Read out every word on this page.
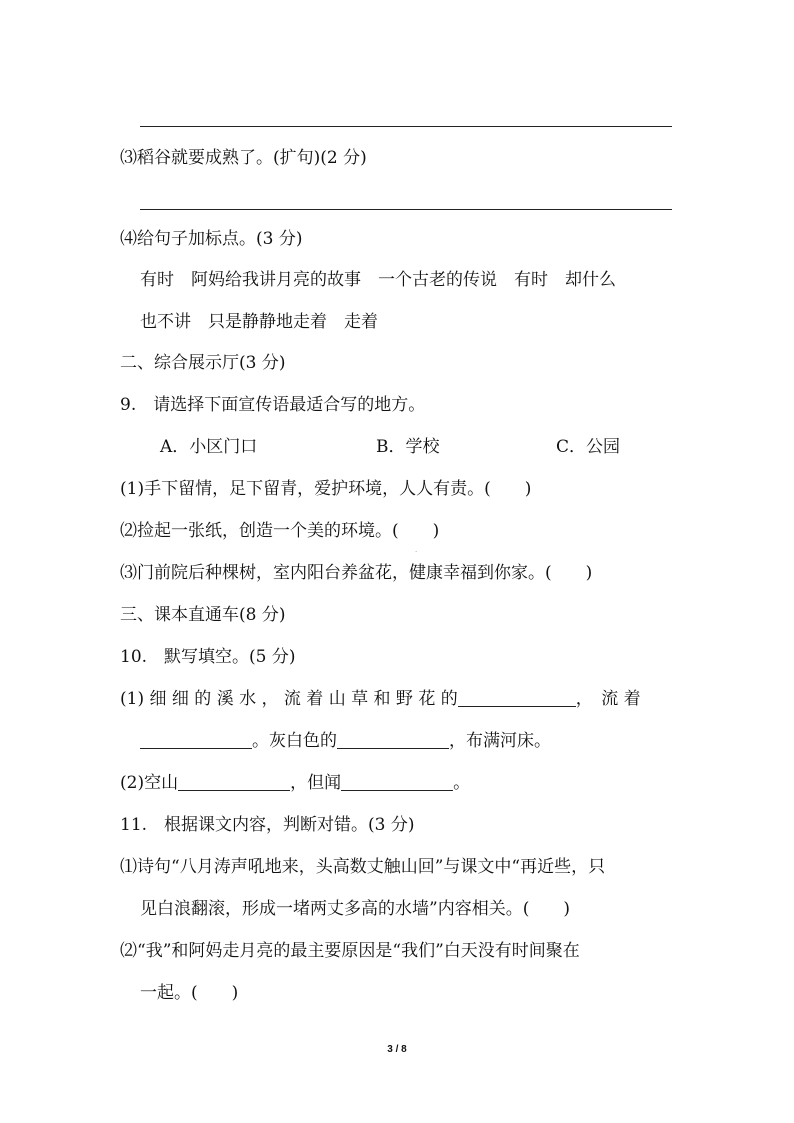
⑶稻谷就要成熟了。(扩句)(2 分)
⑷给句子加标点。(3 分)
有时　阿妈给我讲月亮的故事　一个古老的传说　有时　却什么
也不讲　只是静静地走着　走着
二、综合展示厅(3 分)
9.　请选择下面宣传语最适合写的地方。
A．小区门口	B．学校	C．公园
(1)手下留情，足下留青，爱护环境，人人有责。(　　)
⑵捡起一张纸，创造一个美的环境。(　　)
·
⑶门前院后种棵树，室内阳台养盆花，健康幸福到你家。(　　)
三、课本直通车(8 分)
10.　默写填空。(5 分)
(1) 细 细 的 溪 水 ， 流 着 山 草 和 野 花 的	，　流 着
。灰白色的	，布满河床。
(2)空山	，但闻	。
11.　根据课文内容，判断对错。(3 分)
⑴诗句“八月涛声吼地来，头高数丈触山回”与课文中“再近些，只
见白浪翻滚，形成一堵两丈多高的水墙”内容相关。(　　)
⑵“我”和阿妈走月亮的最主要原因是“我们”白天没有时间聚在
一起。(　　)
3 / 8
